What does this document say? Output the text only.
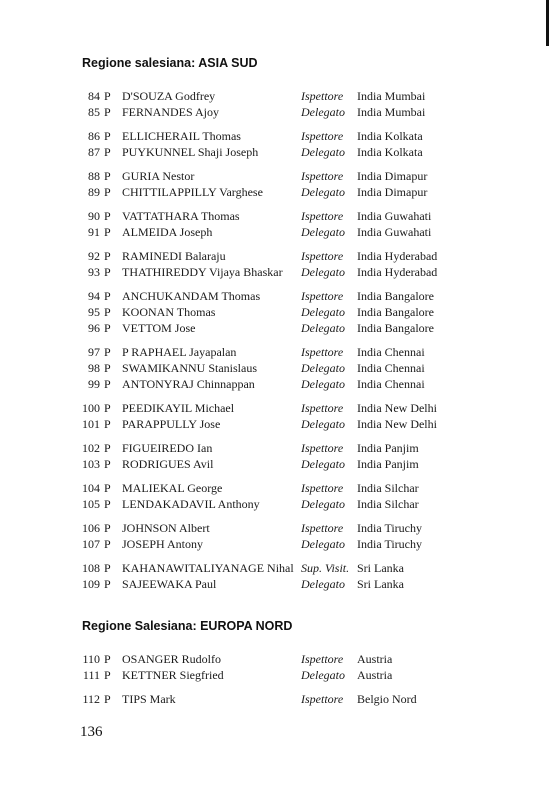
Regione salesiana: ASIA SUD
84 P D'SOUZA Godfrey	Ispettore India Mumbai
85 P FERNANDES Ajoy	Delegato India Mumbai
86 P ELLICHERAIL Thomas	Ispettore India Kolkata
87 P PUYKUNNEL Shaji Joseph	Delegato India Kolkata
88 P GURIA Nestor	Ispettore India Dimapur
89 P CHITTILAPPILLY Varghese	Delegato India Dimapur
90 P VATTATHARA Thomas	Ispettore India Guwahati
91 P ALMEIDA Joseph	Delegato India Guwahati
92 P RAMINEDI Balaraju	Ispettore India Hyderabad
93 P THATHIREDDY Vijaya Bhaskar Delegato India Hyderabad
94 P ANCHUKANDAM Thomas	Ispettore India Bangalore
95 P KOONAN Thomas	Delegato India Bangalore
96 P VETTOM Jose	Delegato India Bangalore
97 P P RAPHAEL Jayapalan	Ispettore India Chennai
98 P SWAMIKANNU Stanislaus	Delegato India Chennai
99 P ANTONYRAJ Chinnappan	Delegato India Chennai
100 P PEEDIKAYIL Michael	Ispettore India New Delhi
101 P PARAPPULLY Jose	Delegato India New Delhi
102 P FIGUEIREDO Ian	Ispettore India Panjim
103 P RODRIGUES Avil	Delegato India Panjim
104 P MALIEKAL George	Ispettore India Silchar
105 P LENDAKADAVIL Anthony	Delegato India Silchar
106 P JOHNSON Albert	Ispettore India Tiruchy
107 P JOSEPH Antony	Delegato India Tiruchy
108 P KAHANAWITALIYANAGE Nihal Sup. Visit. Sri Lanka
109 P SAJEEWAKA Paul	Delegato Sri Lanka
Regione Salesiana: EUROPA NORD
110 P OSANGER Rudolfo	Ispettore Austria
111 P KETTNER Siegfried	Delegato Austria
112 P TIPS Mark	Ispettore Belgio Nord
136
